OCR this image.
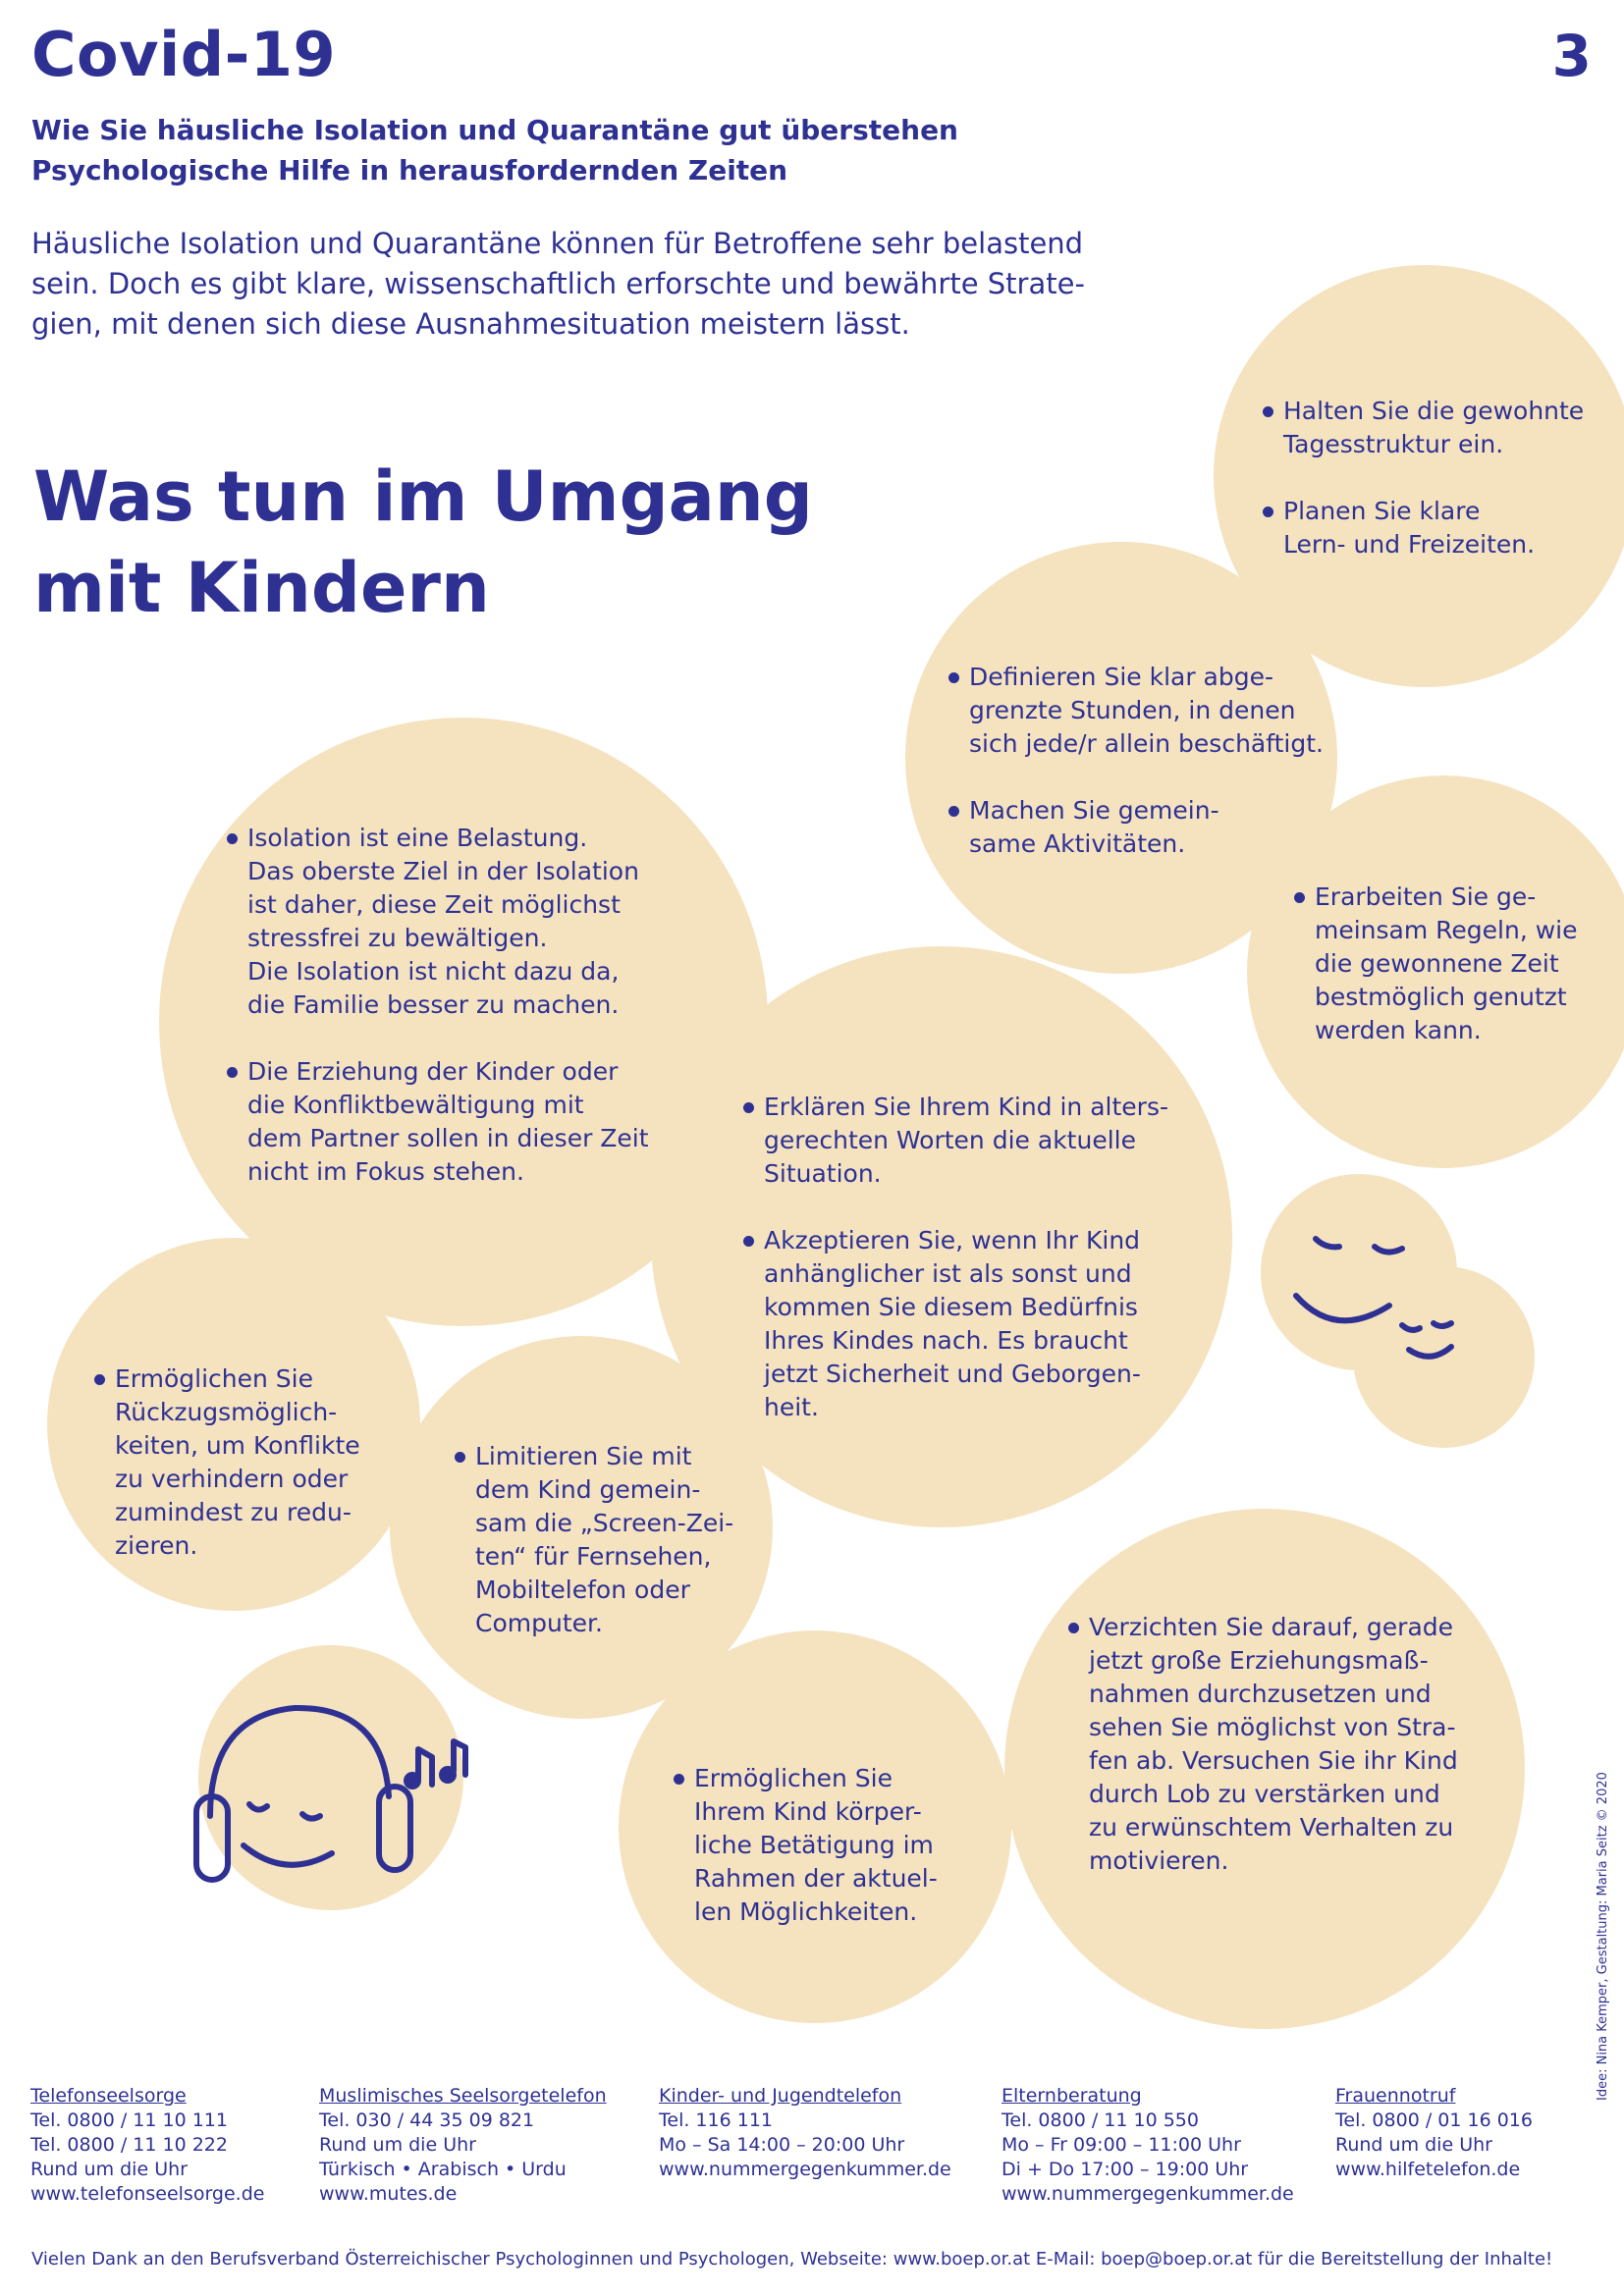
Covid-19	3
Wie Sie häusliche Isolation und Quarantäne gut überstehen
Psychologische Hilfe in herausfordernden Zeiten
Häusliche Isolation und Quarantäne können für Betroffene sehr belastend
sein. Doch es gibt klare, wissenschaftlich erforschte und bewährte Strate-
gien, mit denen sich diese Ausnahmesituation meistern lässt.
Was tun im Umgang
mit Kindern
Halten Sie die gewohnte
Tagesstruktur ein.
Planen Sie klare
Lern- und Freizeiten.
Definieren Sie klar abge-
grenzte Stunden, in denen
sich jede/r allein beschäftigt.
Machen Sie gemein-
same Aktivitäten.
Erarbeiten Sie ge-
meinsam Regeln, wie
die gewonnene Zeit
bestmöglich genutzt
werden kann.
Isolation ist eine Belastung.
Das oberste Ziel in der Isolation
ist daher, diese Zeit möglichst
stressfrei zu bewältigen.
Die Isolation ist nicht dazu da,
die Familie besser zu machen.
Die Erziehung der Kinder oder
die Konfliktbewältigung mit
dem Partner sollen in dieser Zeit
nicht im Fokus stehen.
Erklären Sie Ihrem Kind in alters-
gerechten Worten die aktuelle
Situation.
Akzeptieren Sie, wenn Ihr Kind
anhänglicher ist als sonst und
kommen Sie diesem Bedürfnis
Ihres Kindes nach. Es braucht
jetzt Sicherheit und Geborgen-
heit.
Ermöglichen Sie
Rückzugsmöglich-
keiten, um Konflikte
zu verhindern oder
zumindest zu redu-
zieren.
Limitieren Sie mit
dem Kind gemein-
sam die „Screen-Zei-
ten“ für Fernsehen,
Mobiltelefon oder
Computer.
Ermöglichen Sie
Ihrem Kind körper-
liche Betätigung im
Rahmen der aktuel-
len Möglichkeiten.
Verzichten Sie darauf, gerade
jetzt große Erziehungsmaß-
nahmen durchzusetzen und
sehen Sie möglichst von Stra-
fen ab. Versuchen Sie ihr Kind
durch Lob zu verstärken und
zu erwünschtem Verhalten zu
motivieren.
Telefonseelsorge
Tel. 0800 / 11 10 111
Tel. 0800 / 11 10 222
Rund um die Uhr
www.telefonseelsorge.de
Muslimisches Seelsorgetelefon
Tel. 030 / 44 35 09 821
Rund um die Uhr
Türkisch • Arabisch • Urdu
www.mutes.de
Kinder- und Jugendtelefon
Tel. 116 111
Mo – Sa 14:00 – 20:00 Uhr
www.nummergegenkummer.de
Elternberatung
Tel. 0800 / 11 10 550
Mo – Fr 09:00 – 11:00 Uhr
Di + Do 17:00 – 19:00 Uhr
www.nummergegenkummer.de
Frauennotruf
Tel. 0800 / 01 16 016
Rund um die Uhr
www.hilfetelefon.de
Vielen Dank an den Berufsverband Österreichischer Psychologinnen und Psychologen, Webseite: www.boep.or.at E-Mail: boep@boep.or.at für die Bereitstellung der Inhalte!
Idee: Nina Kemper, Gestaltung: Maria Seitz © 2020
